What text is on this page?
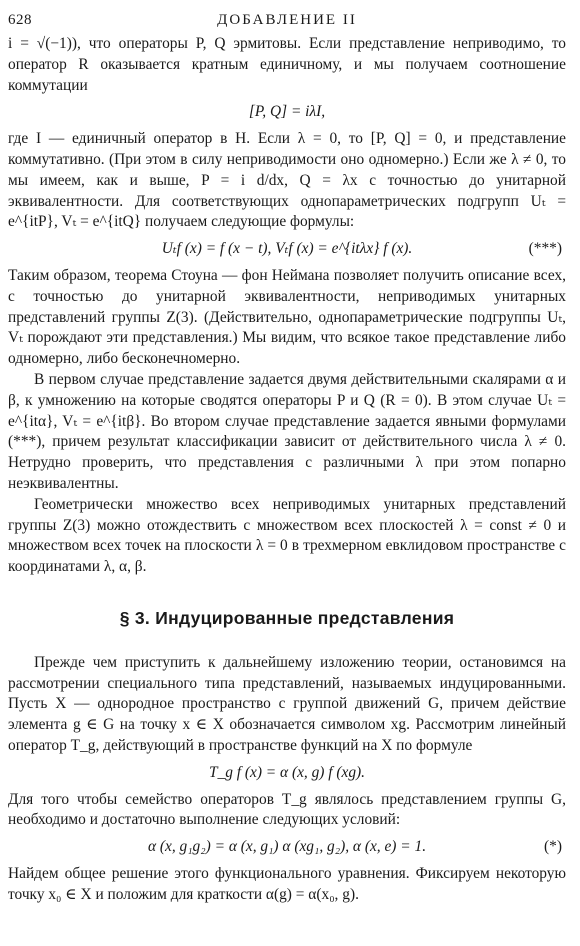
628	ДОБАВЛЕНИЕ II

i = √(−1)), что операторы P, Q эрмитовы. Если представление неприводимо, то оператор R оказывается кратным единичному, и мы получаем соотношение коммутации

[P, Q] = iλI,

где I — единичный оператор в H. Если λ = 0, то [P, Q] = 0, и представление коммутативно. (При этом в силу неприводимости оно одномерно.) Если же λ ≠ 0, то мы имеем, как и выше, P = i d/dx, Q = λx с точностью до унитарной эквивалентности. Для соответствующих однопараметрических подгрупп Uₜ = e^{itP}, Vₜ = e^{itQ} получаем следующие формулы:

Uₜf (x) = f (x − t), Vₜf (x) = e^{itλx} f (x).	(***)

Таким образом, теорема Стоуна — фон Неймана позволяет получить описание всех, с точностью до унитарной эквивалентности, неприводимых унитарных представлений группы Z(3). (Действительно, однопараметрические подгруппы Uₜ, Vₜ порождают эти представления.) Мы видим, что всякое такое представление либо одномерно, либо бесконечномерно.

В первом случае представление задается двумя действительными скалярами α и β, к умножению на которые сводятся операторы P и Q (R = 0). В этом случае Uₜ = e^{itα}, Vₜ = e^{itβ}. Во втором случае представление задается явными формулами (***), причем результат классификации зависит от действительного числа λ ≠ 0. Нетрудно проверить, что представления с различными λ при этом попарно неэквивалентны.

Геометрически множество всех неприводимых унитарных представлений группы Z(3) можно отождествить с множеством всех плоскостей λ = const ≠ 0 и множеством всех точек на плоскости λ = 0 в трехмерном евклидовом пространстве с координатами λ, α, β.

§ 3. Индуцированные представления

Прежде чем приступить к дальнейшему изложению теории, остановимся на рассмотрении специального типа представлений, называемых индуцированными. Пусть X — однородное пространство с группой движений G, причем действие элемента g ∈ G на точку x ∈ X обозначается символом xg. Рассмотрим линейный оператор T_g, действующий в пространстве функций на X по формуле

T_g f (x) = α (x, g) f (xg).

Для того чтобы семейство операторов T_g являлось представлением группы G, необходимо и достаточно выполнение следующих условий:

α (x, g₁g₂) = α (x, g₁) α (xg₁, g₂), α (x, e) = 1.	(*)

Найдем общее решение этого функционального уравнения. Фиксируем некоторую точку x₀ ∈ X и положим для краткости α(g) = α(x₀, g).
